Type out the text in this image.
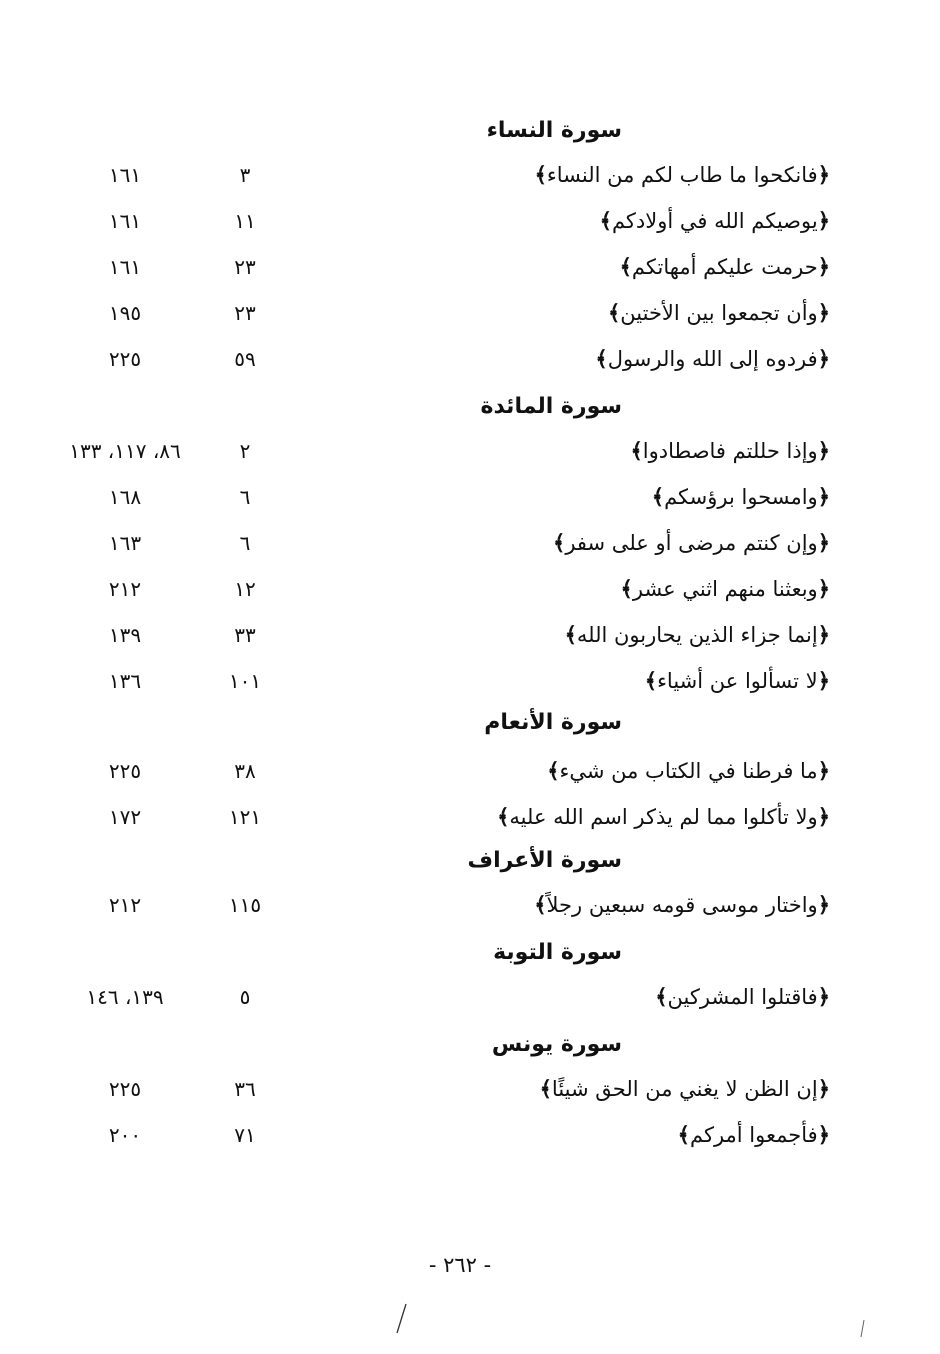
سورة النساء
﴿فانكحوا ما طاب لكم من النساء﴾
٣
١٦١
﴿يوصيكم الله في أولادكم﴾
١١
١٦١
﴿حرمت عليكم أمهاتكم﴾
٢٣
١٦١
﴿وأن تجمعوا بين الأختين﴾
٢٣
١٩٥
﴿فردوه إلى الله والرسول﴾
٥٩
٢٢٥
سورة المائدة
﴿وإذا حللتم فاصطادوا﴾
٢
٨٦، ١١٧، ١٣٣
﴿وامسحوا برؤسكم﴾
٦
١٦٨
﴿وإن كنتم مرضى أو على سفر﴾
٦
١٦٣
﴿وبعثنا منهم اثني عشر﴾
١٢
٢١٢
﴿إنما جزاء الذين يحاربون الله﴾
٣٣
١٣٩
﴿لا تسألوا عن أشياء﴾
١٠١
١٣٦
سورة الأنعام
﴿ما فرطنا في الكتاب من شيء﴾
٣٨
٢٢٥
﴿ولا تأكلوا مما لم يذكر اسم الله عليه﴾
١٢١
١٧٢
سورة الأعراف
﴿واختار موسى قومه سبعين رجلاً﴾
١١٥
٢١٢
سورة التوبة
﴿فاقتلوا المشركين﴾
٥
١٣٩، ١٤٦
سورة يونس
﴿إن الظن لا يغني من الحق شيئًا﴾
٣٦
٢٢٥
﴿فأجمعوا أمركم﴾
٧١
٢٠٠
- ٢٦٢ -
